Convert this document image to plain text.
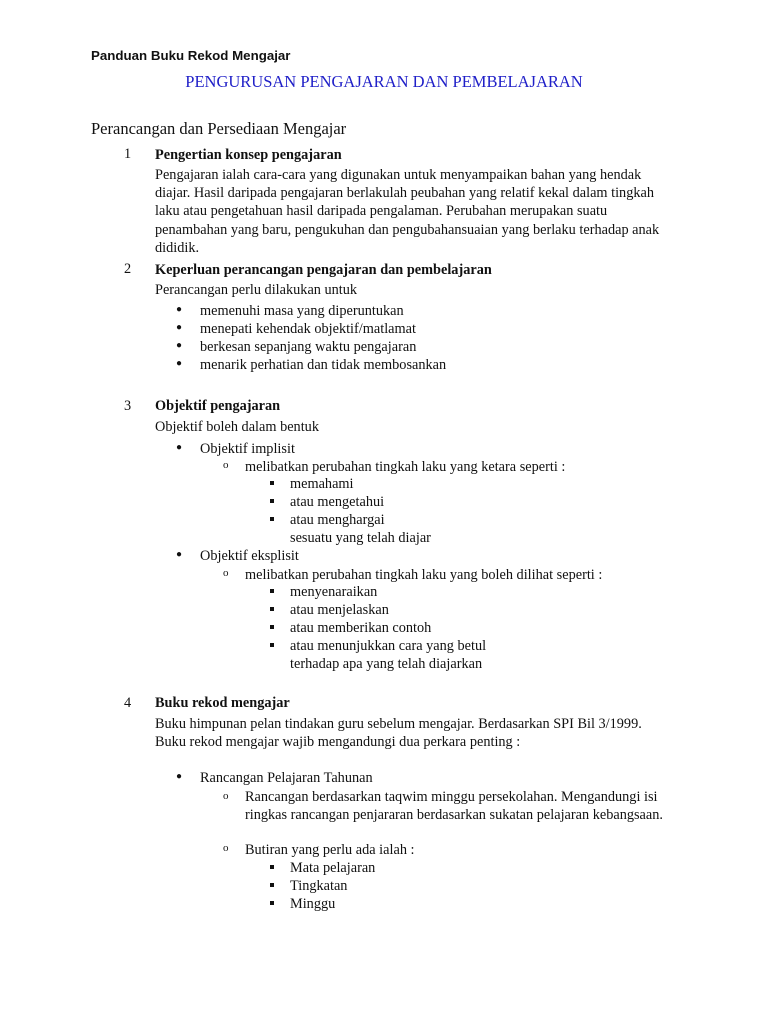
Panduan Buku Rekod Mengajar
PENGURUSAN PENGAJARAN DAN PEMBELAJARAN
Perancangan dan Persediaan Mengajar
1 Pengertian konsep pengajaran
Pengajaran ialah cara-cara yang digunakan untuk menyampaikan bahan yang hendak diajar. Hasil daripada pengajaran berlakulah peubahan yang relatif kekal dalam tingkah laku atau pengetahuan hasil daripada pengalaman. Perubahan merupakan suatu penambahan yang baru, pengukuhan dan pengubahansuaian yang berlaku terhadap anak dididik.
2 Keperluan perancangan pengajaran dan pembelajaran
Perancangan perlu dilakukan untuk
● memenuhi masa yang diperuntukan
● menepati kehendak objektif/matlamat
● berkesan sepanjang waktu pengajaran
● menarik perhatian dan tidak membosankan
3 Objektif pengajaran
Objektif boleh dalam bentuk
● Objektif implisit
o melibatkan perubahan tingkah laku yang ketara seperti :
memahami
atau mengetahui
atau menghargai
sesuatu yang telah diajar
● Objektif eksplisit
o melibatkan perubahan tingkah laku yang boleh dilihat seperti :
menyenaraikan
atau menjelaskan
atau memberikan contoh
atau menunjukkan cara yang betul
terhadap apa yang telah diajarkan
4 Buku rekod mengajar
Buku himpunan pelan tindakan guru sebelum mengajar. Berdasarkan SPI Bil 3/1999. Buku rekod mengajar wajib mengandungi dua perkara penting :
● Rancangan Pelajaran Tahunan
o Rancangan berdasarkan taqwim minggu persekolahan. Mengandungi isi ringkas rancangan penjararan berdasarkan sukatan pelajaran kebangsaan.
o Butiran yang perlu ada ialah :
Mata pelajaran
Tingkatan
Minggu
